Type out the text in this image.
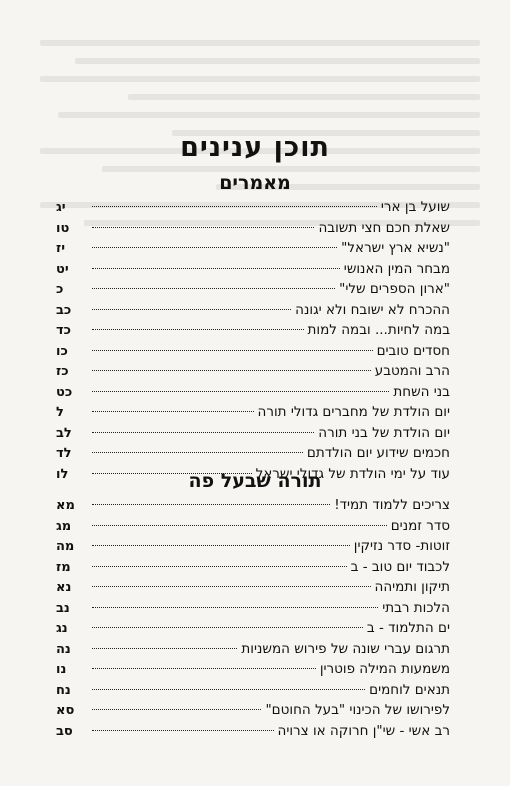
תוכן ענינים
מאמרים
שועל בן ארי
יג
שאלת חכם חצי תשובה
טו
"נשיא ארץ ישראל"
יז
מבחר המין האנושי
יט
"ארון הספרים שלי"
כ
ההכרח לא ישובח ולא יגונה
כב
במה לחיות... ובמה למות
כד
חסדים טובים
כו
הרב והמטבע
כז
בני השחת
כט
יום הולדת של מחברים גדולי תורה
ל
יום הולדת של בני תורה
לב
חכמים שידוע יום הולדתם
לד
עוד על ימי הולדת של גדולי ישראל
לו	תורה שבעל פה
צריכים ללמוד תמיד!
מא
סדר זמנים
מג
זוטות- סדר נזיקין
מה
לכבוד יום טוב - ב
מז
תיקון ותמיהה
נא
הלכות רבתי
נב
ים התלמוד - ב
נג
תרגום עברי שונה של פירוש המשניות
נה
משמעות המילה פוטרין
נו
תנאים לוחמים
נח
לפירושו של הכינוי "בעל החוטם"
סא
רב אשי - שי"ן חרוקה או צרויה
סב
